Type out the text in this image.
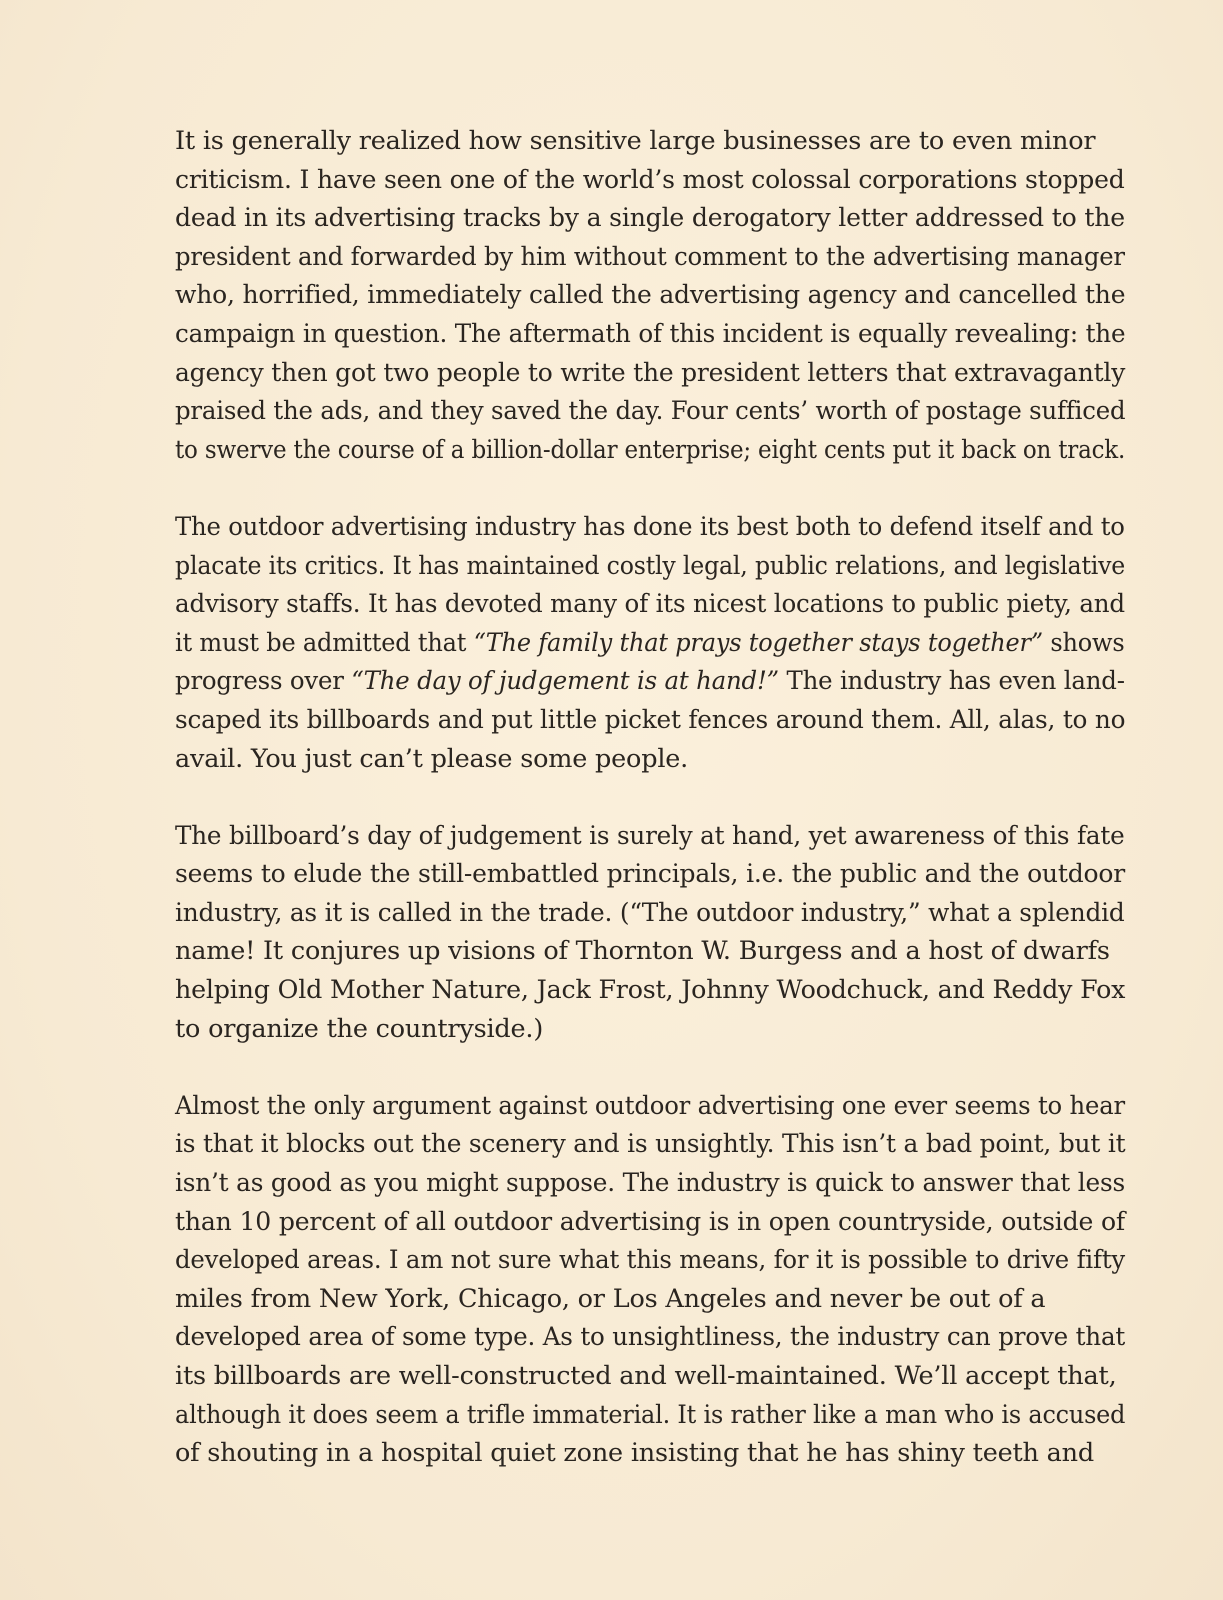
It is generally realized how sensitive large businesses are to even minor
criticism. I have seen one of the world’s most colossal corporations stopped
dead in its advertising tracks by a single derogatory letter addressed to the
president and forwarded by him without comment to the advertising manager
who, horrified, immediately called the advertising agency and cancelled the
campaign in question. The aftermath of this incident is equally revealing: the
agency then got two people to write the president letters that extravagantly
praised the ads, and they saved the day. Four cents’ worth of postage sufficed
to swerve the course of a billion-dollar enterprise; eight cents put it back on track.

The outdoor advertising industry has done its best both to defend itself and to
placate its critics. It has maintained costly legal, public relations, and legislative
advisory staffs. It has devoted many of its nicest locations to public piety, and
it must be admitted that “The family that prays together stays together” shows
progress over “The day of judgement is at hand!” The industry has even land-
scaped its billboards and put little picket fences around them. All, alas, to no
avail. You just can’t please some people.

The billboard’s day of judgement is surely at hand, yet awareness of this fate
seems to elude the still-embattled principals, i.e. the public and the outdoor
industry, as it is called in the trade. (“The outdoor industry,” what a splendid
name! It conjures up visions of Thornton W. Burgess and a host of dwarfs
helping Old Mother Nature, Jack Frost, Johnny Woodchuck, and Reddy Fox
to organize the countryside.)

Almost the only argument against outdoor advertising one ever seems to hear
is that it blocks out the scenery and is unsightly. This isn’t a bad point, but it
isn’t as good as you might suppose. The industry is quick to answer that less
than 10 percent of all outdoor advertising is in open countryside, outside of
developed areas. I am not sure what this means, for it is possible to drive fifty
miles from New York, Chicago, or Los Angeles and never be out of a
developed area of some type. As to unsightliness, the industry can prove that
its billboards are well-constructed and well-maintained. We’ll accept that,
although it does seem a trifle immaterial. It is rather like a man who is accused
of shouting in a hospital quiet zone insisting that he has shiny teeth and
